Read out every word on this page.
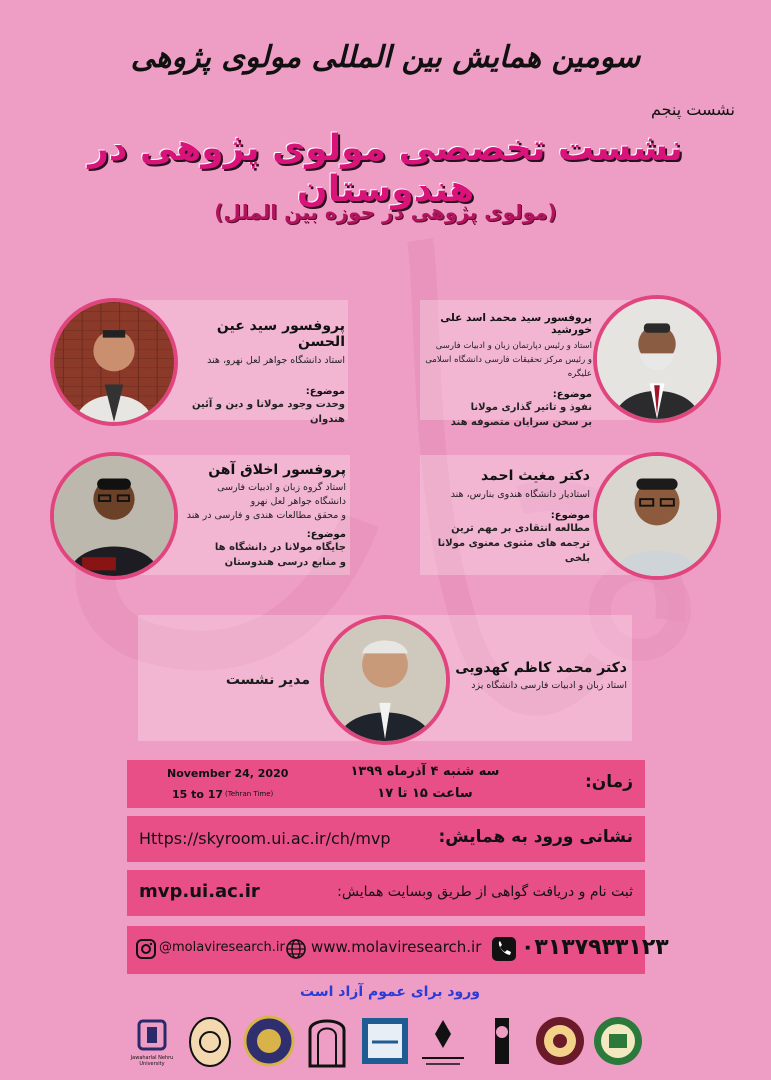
سومین همایش بین المللی مولوی پژوهی
نشست پنجم
نشست تخصصی مولوی پژوهی در هندوستان
(مولوی پژوهی در حوزه بین الملل)
پروفسور سید عین الحسن
استاد دانشگاه جواهر لعل نهرو، هند
موضوع:
وحدت وجود مولانا و دین و آئین هندوان
پروفسور سید محمد اسد علی خورشید
استاد و رئیس دپارتمان زبان و ادبیات فارسی
و رئیس مرکز تحقیقات فارسی دانشگاه اسلامی علیگره
موضوع:
نفوذ و تاثیر گذاری مولانا
بر سخن سرایان متصوفه هند
پروفسور اخلاق آهن
استاد گروه زبان و ادبیات فارسی
دانشگاه جواهر لعل نهرو
و محقق مطالعات هندی و فارسی در هند
موضوع:
جایگاه مولانا در دانشگاه ها
و منابع درسی هندوستان
دکتر مغیث احمد
استادیار دانشگاه هندوی بنارس، هند
موضوع:
مطالعه انتقادی بر مهم ترین
ترجمه های مثنوی معنوی مولانا بلخی
دکتر محمد کاظم کهدویی
استاد زبان و ادبیات فارسی دانشگاه یزد
مدیر نشست
November 24, 2020
15 to 17 (Tehran Time)
سه شنبه ۴ آذرماه ۱۳۹۹
ساعت ۱۵ تا ۱۷
زمان:
Https://skyroom.ui.ac.ir/ch/mvp	نشانی ورود به همایش:
mvp.ui.ac.ir	ثبت نام و دریافت گواهی از طریق وبسایت همایش:
@molaviresearch.ir www.molaviresearch.ir ۰۳۱۳۷۹۳۳۱۲۳
ورود برای عموم آزاد است
Jawaharlal Nehru University
